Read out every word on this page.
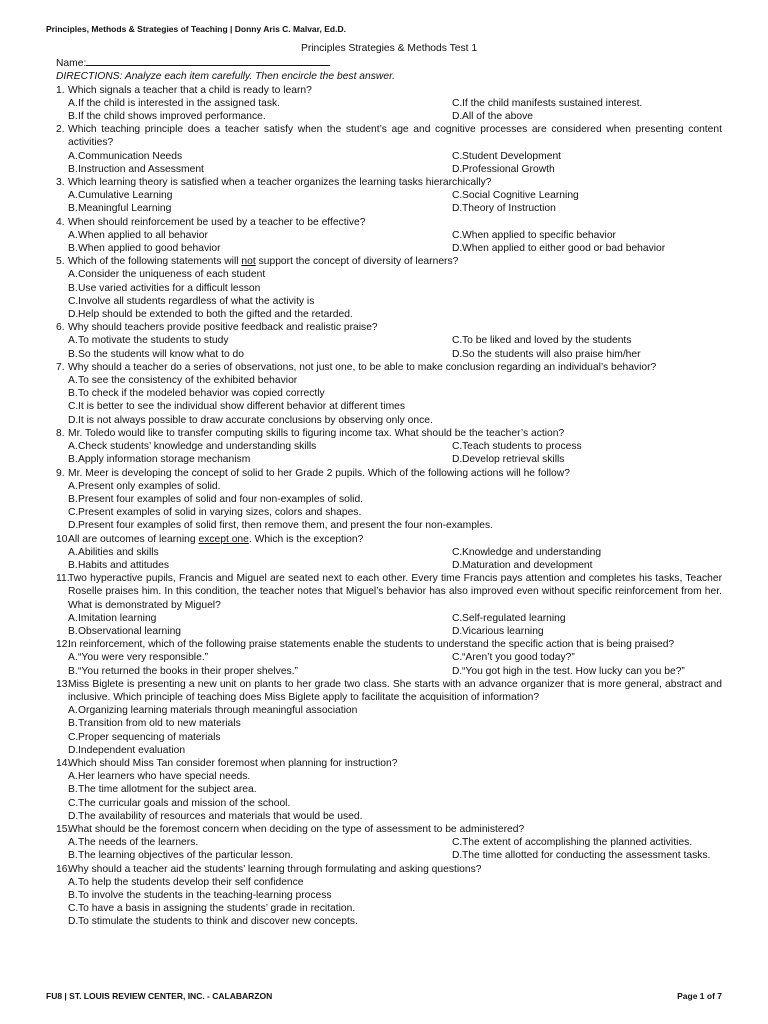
Principles, Methods & Strategies of Teaching | Donny Aris C. Malvar, Ed.D.
Principles Strategies & Methods Test 1
Name:
DIRECTIONS: Analyze each item carefully. Then encircle the best answer.
1. Which signals a teacher that a child is ready to learn?
A. If the child is interested in the assigned task.	C. If the child manifests sustained interest.
B. If the child shows improved performance.	D. All of the above
2. Which teaching principle does a teacher satisfy when the student’s age and cognitive processes are considered when presenting content activities?
A. Communication Needs	C. Student Development
B. Instruction and Assessment	D. Professional Growth
3. Which learning theory is satisfied when a teacher organizes the learning tasks hierarchically?
A. Cumulative Learning	C. Social Cognitive Learning
B. Meaningful Learning	D. Theory of Instruction
4. When should reinforcement be used by a teacher to be effective?
A. When applied to all behavior	C. When applied to specific behavior
B. When applied to good behavior	D. When applied to either good or bad behavior
5. Which of the following statements will not support the concept of diversity of learners?
A. Consider the uniqueness of each student
B. Use varied activities for a difficult lesson
C. Involve all students regardless of what the activity is
D. Help should be extended to both the gifted and the retarded.
6. Why should teachers provide positive feedback and realistic praise?
A. To motivate the students to study	C. To be liked and loved by the students
B. So the students will know what to do	D. So the students will also praise him/her
7. Why should a teacher do a series of observations, not just one, to be able to make conclusion regarding an individual’s behavior?
A. To see the consistency of the exhibited behavior
B. To check if the modeled behavior was copied correctly
C. It is better to see the individual show different behavior at different times
D. It is not always possible to draw accurate conclusions by observing only once.
8. Mr. Toledo would like to transfer computing skills to figuring income tax. What should be the teacher’s action?
A. Check students’ knowledge and understanding skills	C. Teach students to process
B. Apply information storage mechanism	D. Develop retrieval skills
9. Mr. Meer is developing the concept of solid to her Grade 2 pupils. Which of the following actions will he follow?
A. Present only examples of solid.
B. Present four examples of solid and four non-examples of solid.
C. Present examples of solid in varying sizes, colors and shapes.
D. Present four examples of solid first, then remove them, and present the four non-examples.
10.
All are outcomes of learning except one. Which is the exception?
A. Abilities and skills	C. Knowledge and understanding
B. Habits and attitudes	D. Maturation and development
11.
Two hyperactive pupils, Francis and Miguel are seated next to each other. Every time Francis pays attention and completes his tasks, Teacher Roselle praises him. In this condition, the teacher notes that Miguel’s behavior has also improved even without specific reinforcement from her. What is demonstrated by Miguel?
A. Imitation learning	C. Self-regulated learning
B. Observational learning	D. Vicarious learning
12.
In reinforcement, which of the following praise statements enable the students to understand the specific action that is being praised?
A. “You were very responsible.”	C. “Aren’t you good today?”
B. “You returned the books in their proper shelves.”	D. “You got high in the test. How lucky can you be?”
13.
Miss Biglete is presenting a new unit on plants to her grade two class. She starts with an advance organizer that is more general, abstract and inclusive. Which principle of teaching does Miss Biglete apply to facilitate the acquisition of information?
A. Organizing learning materials through meaningful association
B. Transition from old to new materials
C. Proper sequencing of materials
D. Independent evaluation
14.
Which should Miss Tan consider foremost when planning for instruction?
A. Her learners who have special needs.
B. The time allotment for the subject area.
C. The curricular goals and mission of the school.
D. The availability of resources and materials that would be used.
15.
What should be the foremost concern when deciding on the type of assessment to be administered?
A. The needs of the learners.	C. The extent of accomplishing the planned activities.
B. The learning objectives of the particular lesson.	D. The time allotted for conducting the assessment tasks.
16.
Why should a teacher aid the students’ learning through formulating and asking questions?
A. To help the students develop their self confidence
B. To involve the students in the teaching-learning process
C. To have a basis in assigning the students’ grade in recitation.
D. To stimulate the students to think and discover new concepts.
FU8 | ST. LOUIS REVIEW CENTER, INC. - CALABARZON	Page 1 of 7
